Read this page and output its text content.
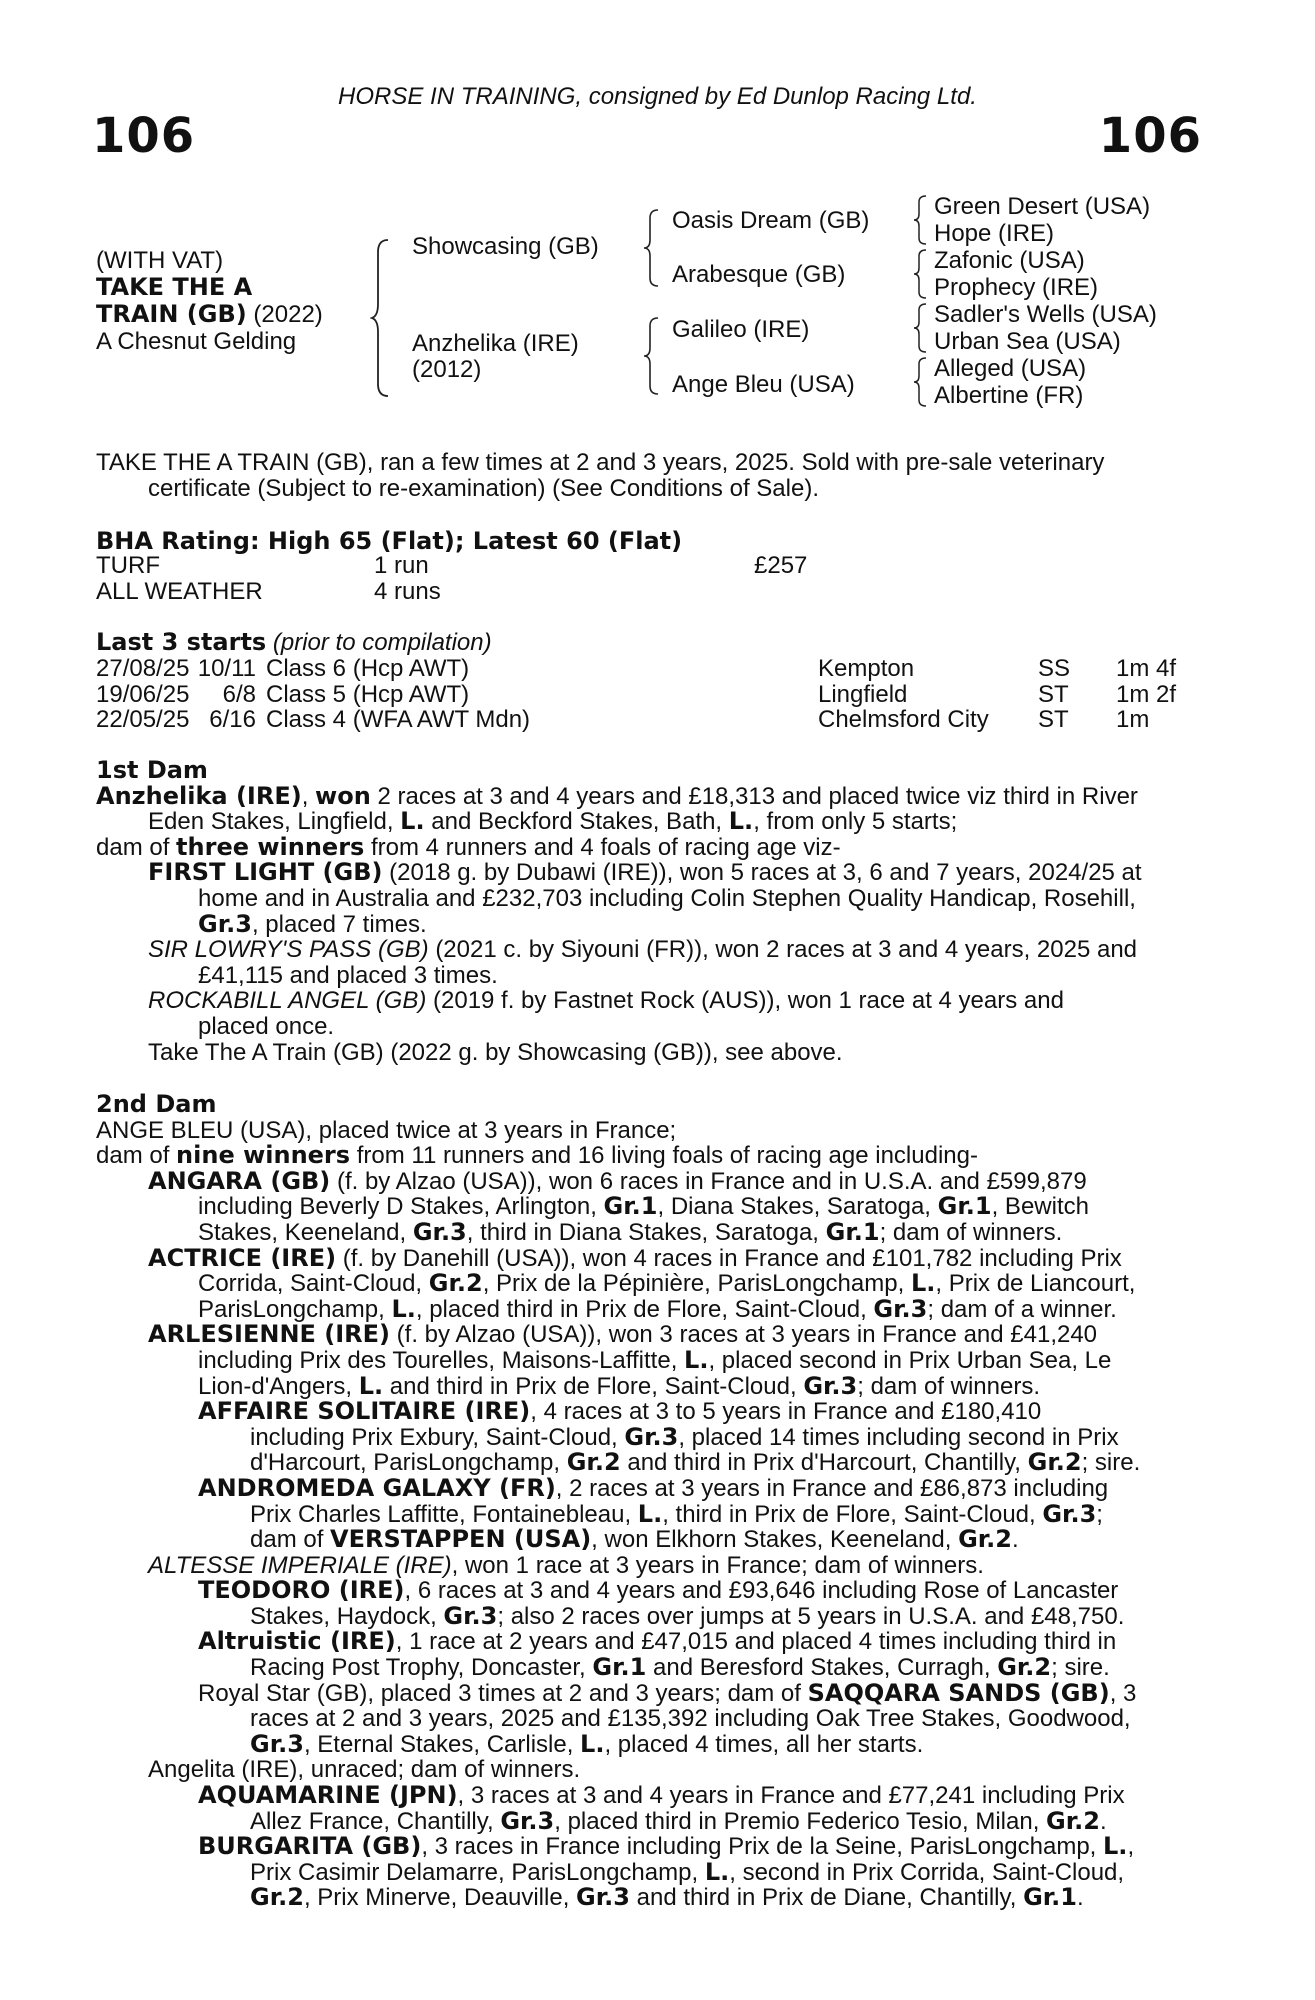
HORSE IN TRAINING, consigned by Ed Dunlop Racing Ltd.
106	106
(WITH VAT)
TAKE THE A
TRAIN (GB) (2022)
A Chesnut Gelding
Showcasing (GB)
Anzhelika (IRE)
(2012)
Oasis Dream (GB)
Arabesque (GB)
Galileo (IRE)
Ange Bleu (USA)
Green Desert (USA)
Hope (IRE)
Zafonic (USA)
Prophecy (IRE)
Sadler's Wells (USA)
Urban Sea (USA)
Alleged (USA)
Albertine (FR)
TAKE THE A TRAIN (GB), ran a few times at 2 and 3 years, 2025. Sold with pre-sale veterinary
certificate (Subject to re-examination) (See Conditions of Sale).
BHA Rating: High 65 (Flat); Latest 60 (Flat)
TURF	1 run	£257
ALL WEATHER	4 runs
Last 3 starts (prior to compilation)
27/08/25	10/11	Class 6 (Hcp AWT)	Kempton	SS	1m 4f
19/06/25	6/8	Class 5 (Hcp AWT)	Lingfield	ST	1m 2f
22/05/25	6/16	Class 4 (WFA AWT Mdn)	Chelmsford City	ST	1m
1st Dam
Anzhelika (IRE), won 2 races at 3 and 4 years and £18,313 and placed twice viz third in River
Eden Stakes, Lingfield, L. and Beckford Stakes, Bath, L., from only 5 starts;
dam of three winners from 4 runners and 4 foals of racing age viz-
FIRST LIGHT (GB) (2018 g. by Dubawi (IRE)), won 5 races at 3, 6 and 7 years, 2024/25 at
home and in Australia and £232,703 including Colin Stephen Quality Handicap, Rosehill,
Gr.3, placed 7 times.
SIR LOWRY'S PASS (GB) (2021 c. by Siyouni (FR)), won 2 races at 3 and 4 years, 2025 and
£41,115 and placed 3 times.
ROCKABILL ANGEL (GB) (2019 f. by Fastnet Rock (AUS)), won 1 race at 4 years and
placed once.
Take The A Train (GB) (2022 g. by Showcasing (GB)), see above.
2nd Dam
ANGE BLEU (USA), placed twice at 3 years in France;
dam of nine winners from 11 runners and 16 living foals of racing age including-
ANGARA (GB) (f. by Alzao (USA)), won 6 races in France and in U.S.A. and £599,879
including Beverly D Stakes, Arlington, Gr.1, Diana Stakes, Saratoga, Gr.1, Bewitch
Stakes, Keeneland, Gr.3, third in Diana Stakes, Saratoga, Gr.1; dam of winners.
ACTRICE (IRE) (f. by Danehill (USA)), won 4 races in France and £101,782 including Prix
Corrida, Saint-Cloud, Gr.2, Prix de la Pépinière, ParisLongchamp, L., Prix de Liancourt,
ParisLongchamp, L., placed third in Prix de Flore, Saint-Cloud, Gr.3; dam of a winner.
ARLESIENNE (IRE) (f. by Alzao (USA)), won 3 races at 3 years in France and £41,240
including Prix des Tourelles, Maisons-Laffitte, L., placed second in Prix Urban Sea, Le
Lion-d'Angers, L. and third in Prix de Flore, Saint-Cloud, Gr.3; dam of winners.
AFFAIRE SOLITAIRE (IRE), 4 races at 3 to 5 years in France and £180,410
including Prix Exbury, Saint-Cloud, Gr.3, placed 14 times including second in Prix
d'Harcourt, ParisLongchamp, Gr.2 and third in Prix d'Harcourt, Chantilly, Gr.2; sire.
ANDROMEDA GALAXY (FR), 2 races at 3 years in France and £86,873 including
Prix Charles Laffitte, Fontainebleau, L., third in Prix de Flore, Saint-Cloud, Gr.3;
dam of VERSTAPPEN (USA), won Elkhorn Stakes, Keeneland, Gr.2.
ALTESSE IMPERIALE (IRE), won 1 race at 3 years in France; dam of winners.
TEODORO (IRE), 6 races at 3 and 4 years and £93,646 including Rose of Lancaster
Stakes, Haydock, Gr.3; also 2 races over jumps at 5 years in U.S.A. and £48,750.
Altruistic (IRE), 1 race at 2 years and £47,015 and placed 4 times including third in
Racing Post Trophy, Doncaster, Gr.1 and Beresford Stakes, Curragh, Gr.2; sire.
Royal Star (GB), placed 3 times at 2 and 3 years; dam of SAQQARA SANDS (GB), 3
races at 2 and 3 years, 2025 and £135,392 including Oak Tree Stakes, Goodwood,
Gr.3, Eternal Stakes, Carlisle, L., placed 4 times, all her starts.
Angelita (IRE), unraced; dam of winners.
AQUAMARINE (JPN), 3 races at 3 and 4 years in France and £77,241 including Prix
Allez France, Chantilly, Gr.3, placed third in Premio Federico Tesio, Milan, Gr.2.
BURGARITA (GB), 3 races in France including Prix de la Seine, ParisLongchamp, L.,
Prix Casimir Delamarre, ParisLongchamp, L., second in Prix Corrida, Saint-Cloud,
Gr.2, Prix Minerve, Deauville, Gr.3 and third in Prix de Diane, Chantilly, Gr.1.
